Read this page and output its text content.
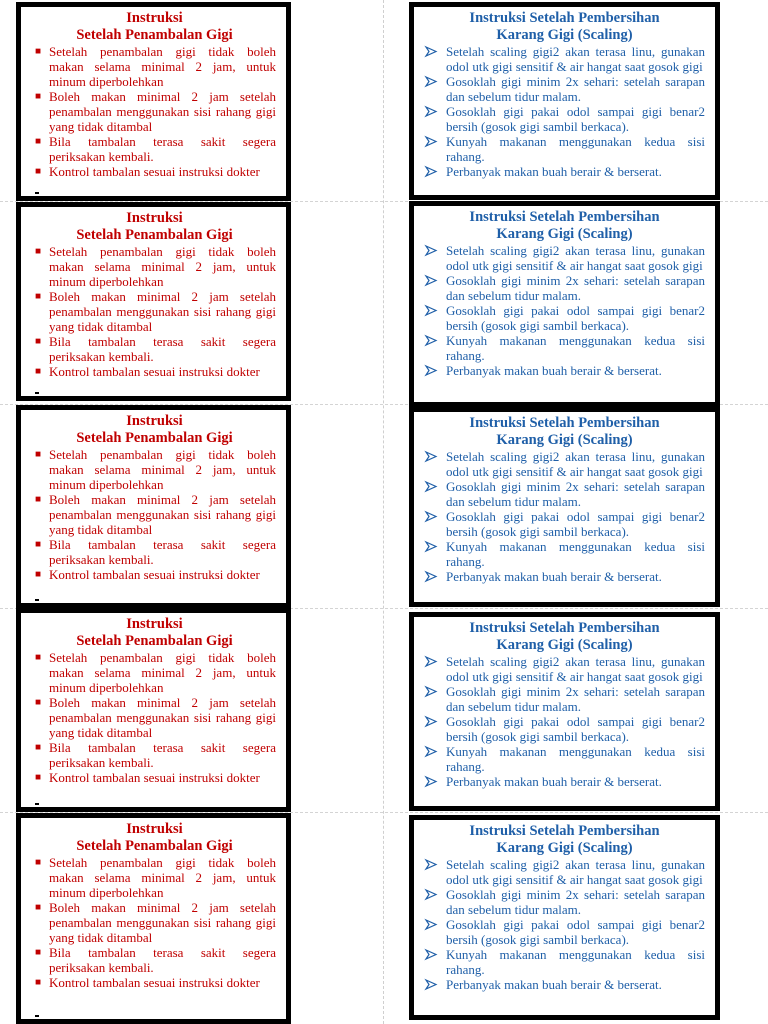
Instruksi
Setelah Penambalan Gigi

■ Setelah penambalan gigi tidak boleh makan selama minimal 2 jam, untuk minum diperbolehkan
■ Boleh makan minimal 2 jam setelah penambalan menggunakan sisi rahang gigi yang tidak ditambal
■ Bila tambalan terasa sakit segera periksakan kembali.
■ Kontrol tambalan sesuai instruksi dokter

Instruksi Setelah Pembersihan
Karang Gigi (Scaling)

Setelah scaling gigi2 akan terasa linu, gunakan odol utk gigi sensitif & air hangat saat gosok gigi
Gosoklah gigi minim 2x sehari: setelah sarapan dan sebelum tidur malam.
Gosoklah gigi pakai odol sampai gigi benar2 bersih (gosok gigi sambil berkaca).
Kunyah makanan menggunakan kedua sisi rahang.
Perbanyak makan buah berair & berserat.

Instruksi
Setelah Penambalan Gigi

■ Setelah penambalan gigi tidak boleh makan selama minimal 2 jam, untuk minum diperbolehkan
■ Boleh makan minimal 2 jam setelah penambalan menggunakan sisi rahang gigi yang tidak ditambal
■ Bila tambalan terasa sakit segera periksakan kembali.
■ Kontrol tambalan sesuai instruksi dokter

Instruksi Setelah Pembersihan
Karang Gigi (Scaling)

Setelah scaling gigi2 akan terasa linu, gunakan odol utk gigi sensitif & air hangat saat gosok gigi
Gosoklah gigi minim 2x sehari: setelah sarapan dan sebelum tidur malam.
Gosoklah gigi pakai odol sampai gigi benar2 bersih (gosok gigi sambil berkaca).
Kunyah makanan menggunakan kedua sisi rahang.
Perbanyak makan buah berair & berserat.

Instruksi
Setelah Penambalan Gigi

■ Setelah penambalan gigi tidak boleh makan selama minimal 2 jam, untuk minum diperbolehkan
■ Boleh makan minimal 2 jam setelah penambalan menggunakan sisi rahang gigi yang tidak ditambal
■ Bila tambalan terasa sakit segera periksakan kembali.
■ Kontrol tambalan sesuai instruksi dokter

Instruksi Setelah Pembersihan
Karang Gigi (Scaling)

Setelah scaling gigi2 akan terasa linu, gunakan odol utk gigi sensitif & air hangat saat gosok gigi
Gosoklah gigi minim 2x sehari: setelah sarapan dan sebelum tidur malam.
Gosoklah gigi pakai odol sampai gigi benar2 bersih (gosok gigi sambil berkaca).
Kunyah makanan menggunakan kedua sisi rahang.
Perbanyak makan buah berair & berserat.

Instruksi
Setelah Penambalan Gigi

■ Setelah penambalan gigi tidak boleh makan selama minimal 2 jam, untuk minum diperbolehkan
■ Boleh makan minimal 2 jam setelah penambalan menggunakan sisi rahang gigi yang tidak ditambal
■ Bila tambalan terasa sakit segera periksakan kembali.
■ Kontrol tambalan sesuai instruksi dokter

Instruksi Setelah Pembersihan
Karang Gigi (Scaling)

Setelah scaling gigi2 akan terasa linu, gunakan odol utk gigi sensitif & air hangat saat gosok gigi
Gosoklah gigi minim 2x sehari: setelah sarapan dan sebelum tidur malam.
Gosoklah gigi pakai odol sampai gigi benar2 bersih (gosok gigi sambil berkaca).
Kunyah makanan menggunakan kedua sisi rahang.
Perbanyak makan buah berair & berserat.

Instruksi
Setelah Penambalan Gigi

■ Setelah penambalan gigi tidak boleh makan selama minimal 2 jam, untuk minum diperbolehkan
■ Boleh makan minimal 2 jam setelah penambalan menggunakan sisi rahang gigi yang tidak ditambal
■ Bila tambalan terasa sakit segera periksakan kembali.
■ Kontrol tambalan sesuai instruksi dokter

Instruksi Setelah Pembersihan
Karang Gigi (Scaling)

Setelah scaling gigi2 akan terasa linu, gunakan odol utk gigi sensitif & air hangat saat gosok gigi
Gosoklah gigi minim 2x sehari: setelah sarapan dan sebelum tidur malam.
Gosoklah gigi pakai odol sampai gigi benar2 bersih (gosok gigi sambil berkaca).
Kunyah makanan menggunakan kedua sisi rahang.
Perbanyak makan buah berair & berserat.
